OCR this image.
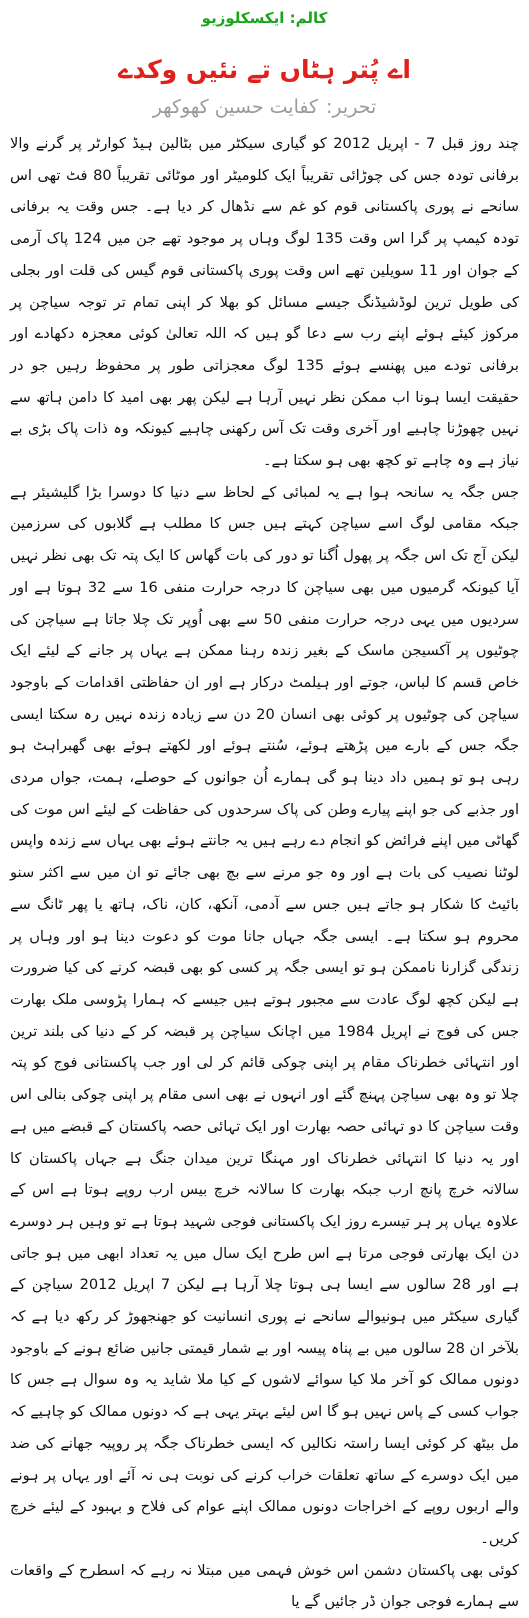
کالم: ایکسکلوزیو
اے پُتر ہٹاں تے نئیں وکدے
تحریر:کفایت حسین کھوکھر

چند روز قبل 7 - اپریل 2012 کو گیاری سیکٹر میں بٹالین ہیڈ کوارٹر پر گرنے والا برفانی تودہ جس کی چوڑائی تقریباً ایک کلومیٹر اور موٹائی تقریباً 80 فٹ تھی اس سانحے نے پوری پاکستانی قوم کو غم سے نڈھال کر دیا ہے۔ جس وقت یہ برفانی تودہ کیمپ پر گرا اس وقت 135 لوگ وہاں پر موجود تھے جن میں 124 پاک آرمی کے جوان اور 11 سویلین تھے اس وقت پوری پاکستانی قوم گیس کی قلت اور بجلی کی طویل ترین لوڈشیڈنگ جیسے مسائل کو بھلا کر اپنی تمام تر توجہ سیاچن پر مرکوز کیئے ہوئے اپنے رب سے دعا گو ہیں کہ اللہ تعالیٰ کوئی معجزہ دکھادے اور برفانی تودے میں پھنسے ہوئے 135 لوگ معجزاتی طور پر محفوظ رہیں جو در حقیقت ایسا ہونا اب ممکن نظر نہیں آرہا ہے لیکن پھر بھی امید کا دامن ہاتھ سے نہیں چھوڑنا چاہیے اور آخری وقت تک آس رکھنی چاہیے کیونکہ وہ ذات پاک بڑی بے نیاز ہے وہ چاہے تو کچھ بھی ہو سکتا ہے۔

جس جگہ یہ سانحہ ہوا ہے یہ لمبائی کے لحاظ سے دنیا کا دوسرا بڑا گلیشیئر ہے جبکہ مقامی لوگ اسے سیاچن کہتے ہیں جس کا مطلب ہے گلابوں کی سرزمین لیکن آج تک اس جگہ پر پھول اُگنا تو دور کی بات گھاس کا ایک پتہ تک بھی نظر نہیں آیا کیونکہ گرمیوں میں بھی سیاچن کا درجہ حرارت منفی 16 سے 32 ہوتا ہے اور سردیوں میں یہی درجہ حرارت منفی 50 سے بھی اُوپر تک چلا جاتا ہے سیاچن کی چوٹیوں پر آکسیجن ماسک کے بغیر زندہ رہنا ممکن ہے یہاں پر جانے کے لیئے ایک خاص قسم کا لباس، جوتے اور ہیلمٹ درکار ہے اور ان حفاظتی اقدامات کے باوجود سیاچن کی چوٹیوں پر کوئی بھی انسان 20 دن سے زیادہ زندہ نہیں رہ سکتا ایسی جگہ جس کے بارے میں پڑھتے ہوئے، سُنتے ہوئے اور لکھتے ہوئے بھی گھبراہٹ ہو رہی ہو تو ہمیں داد دینا ہو گی ہمارے اُن جوانوں کے حوصلے، ہمت، جواں مردی اور جذبے کی جو اپنے پیارے وطن کی پاک سرحدوں کی حفاظت کے لیئے اس موت کی گھاٹی میں اپنے فرائض کو انجام دے رہے ہیں یہ جانتے ہوئے بھی یہاں سے زندہ واپس لوٹنا نصیب کی بات ہے اور وہ جو مرنے سے بچ بھی جائے تو ان میں سے اکثر سنو بائیٹ کا شکار ہو جاتے ہیں جس سے آدمی، آنکھ، کان، ناک، ہاتھ یا پھر ٹانگ سے محروم ہو سکتا ہے۔ ایسی جگہ جہاں جانا موت کو دعوت دینا ہو اور وہاں پر زندگی گزارنا ناممکن ہو تو ایسی جگہ پر کسی کو بھی قبضہ کرنے کی کیا ضرورت ہے لیکن کچھ لوگ عادت سے مجبور ہوتے ہیں جیسے کہ ہمارا پڑوسی ملک بھارت جس کی فوج نے اپریل 1984 میں اچانک سیاچن پر قبضہ کر کے دنیا کی بلند ترین اور انتہائی خطرناک مقام پر اپنی چوکی قائم کر لی اور جب پاکستانی فوج کو پتہ چلا تو وہ بھی سیاچن پہنچ گئے اور انہوں نے بھی اسی مقام پر اپنی چوکی بنالی اس وقت سیاچن کا دو تہائی حصہ بھارت اور ایک تہائی حصہ پاکستان کے قبضے میں ہے اور یہ دنیا کا انتہائی خطرناک اور مہنگا ترین میدان جنگ ہے جہاں پاکستان کا سالانہ خرچ پانچ ارب جبکہ بھارت کا سالانہ خرچ بیس ارب روپے ہوتا ہے اس کے علاوہ یہاں پر ہر تیسرے روز ایک پاکستانی فوجی شہید ہوتا ہے تو وہیں ہر دوسرے دن ایک بھارتی فوجی مرتا ہے اس طرح ایک سال میں یہ تعداد ابھی میں ہو جاتی ہے اور 28 سالوں سے ایسا ہی ہوتا چلا آرہا ہے لیکن 7 اپریل 2012 سیاچن کے گیاری سیکٹر میں ہونیوالے سانحے نے پوری انسانیت کو جھنجھوڑ کر رکھ دیا ہے کہ بلآخر ان 28 سالوں میں بے پناہ پیسہ اور بے شمار قیمتی جانیں ضائع ہونے کے باوجود دونوں ممالک کو آخر ملا کیا سوائے لاشوں کے کیا ملا شاید یہ وہ سوال ہے جس کا جواب کسی کے پاس نہیں ہو گا اس لیئے بہتر یہی ہے کہ دونوں ممالک کو چاہیے کہ مل بیٹھ کر کوئی ایسا راستہ نکالیں کہ ایسی خطرناک جگہ پر روپیہ جھانے کی ضد میں ایک دوسرے کے ساتھ تعلقات خراب کرنے کی نوبت ہی نہ آئے اور یہاں پر ہونے والے اربوں روپے کے اخراجات دونوں ممالک اپنے عوام کی فلاح و بہبود کے لیئے خرچ کریں۔

کوئی بھی پاکستان دشمن اس خوش فہمی میں مبتلا نہ رہے کہ اسطرح کے واقعات سے ہمارے فوجی جوان ڈر جائیں گے یا
